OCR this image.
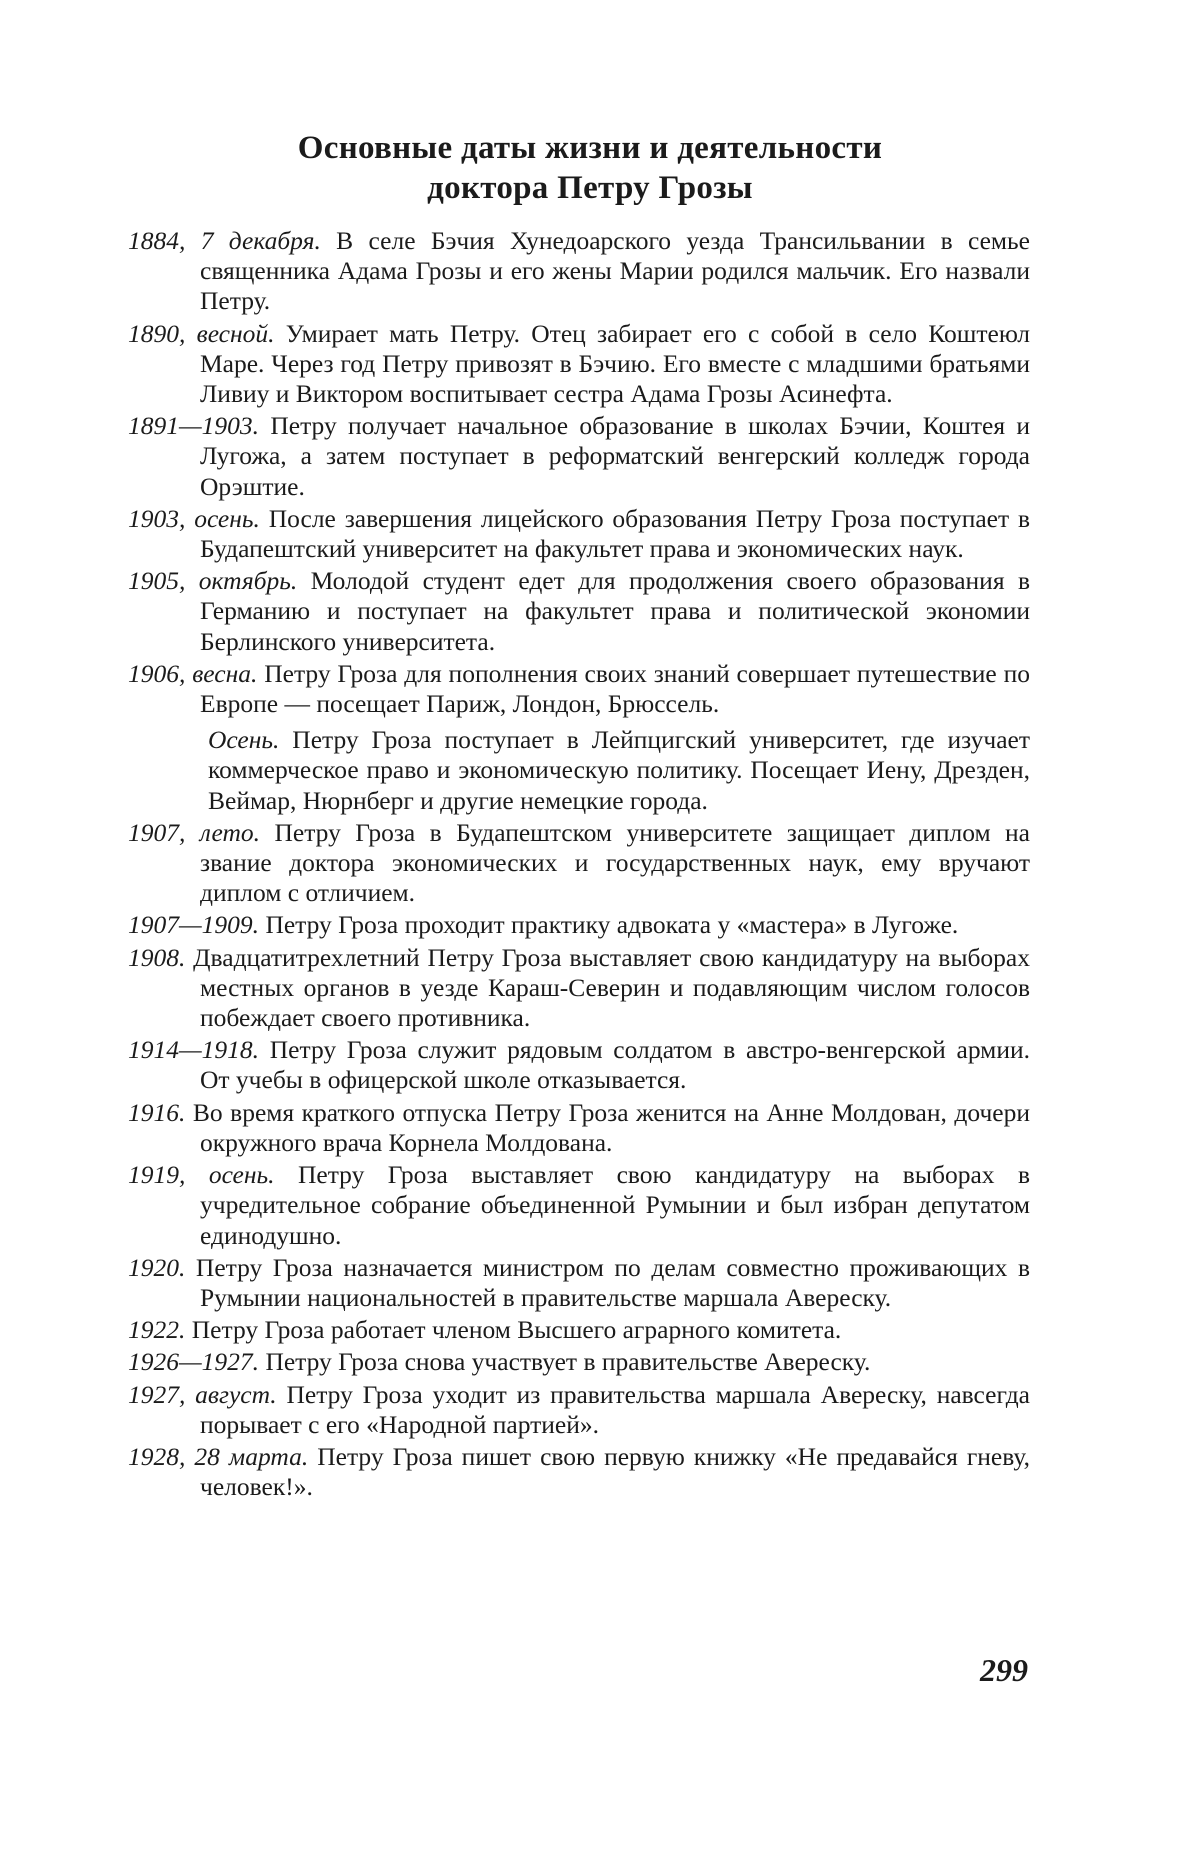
Основные даты жизни и деятельности
доктора Петру Грозы

1884, 7 декабря. В селе Бэчия Хунедоарского уезда Трансильвании в семье священника Адама Грозы и его жены Марии родился мальчик. Его назвали Петру.

1890, весной. Умирает мать Петру. Отец забирает его с собой в село Коштеюл Маре. Через год Петру привозят в Бэчию. Его вместе с младшими братьями Ливиу и Виктором воспитывает сестра Адама Грозы Асинефта.

1891—1903. Петру получает начальное образование в школах Бэчии, Коштея и Лугожа, а затем поступает в реформатский венгерский колледж города Орэштие.

1903, осень. После завершения лицейского образования Петру Гроза поступает в Будапештский университет на факультет права и экономических наук.

1905, октябрь. Молодой студент едет для продолжения своего образования в Германию и поступает на факультет права и политической экономии Берлинского университета.

1906, весна. Петру Гроза для пополнения своих знаний совершает путешествие по Европе — посещает Париж, Лондон, Брюссель.

Осень. Петру Гроза поступает в Лейпцигский университет, где изучает коммерческое право и экономическую политику. Посещает Иену, Дрезден, Веймар, Нюрнберг и другие немецкие города.

1907, лето. Петру Гроза в Будапештском университете защищает диплом на звание доктора экономических и государственных наук, ему вручают диплом с отличием.

1907—1909. Петру Гроза проходит практику адвоката у «мастера» в Лугоже.

1908. Двадцатитрехлетний Петру Гроза выставляет свою кандидатуру на выборах местных органов в уезде Караш-Северин и подавляющим числом голосов побеждает своего противника.

1914—1918. Петру Гроза служит рядовым солдатом в австро-венгерской армии. От учебы в офицерской школе отказывается.

1916. Во время краткого отпуска Петру Гроза женится на Анне Молдован, дочери окружного врача Корнела Молдована.

1919, осень. Петру Гроза выставляет свою кандидатуру на выборах в учредительное собрание объединенной Румынии и был избран депутатом единодушно.

1920. Петру Гроза назначается министром по делам совместно проживающих в Румынии национальностей в правительстве маршала Авереску.

1922. Петру Гроза работает членом Высшего аграрного комитета.

1926—1927. Петру Гроза снова участвует в правительстве Авереску.

1927, август. Петру Гроза уходит из правительства маршала Авереску, навсегда порывает с его «Народной партией».

1928, 28 марта. Петру Гроза пишет свою первую книжку «Не предавайся гневу, человек!».

299
